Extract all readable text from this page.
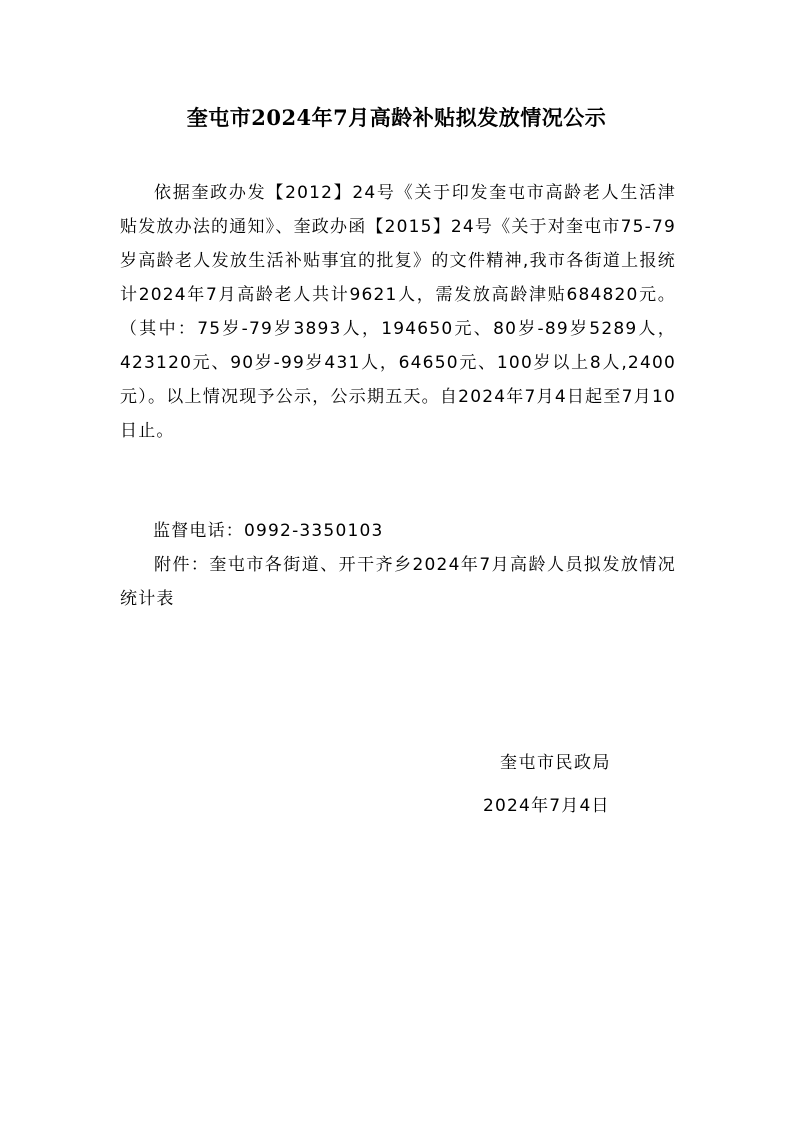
奎屯市2024年7月高龄补贴拟发放情况公示

依据奎政办发【2012】24号《关于印发奎屯市高龄老人生活津贴发放办法的通知》、奎政办函【2015】24号《关于对奎屯市75-79岁高龄老人发放生活补贴事宜的批复》的文件精神,我市各街道上报统计2024年7月高龄老人共计9621人，需发放高龄津贴684820元。（其中：75岁-79岁3893人，194650元、80岁-89岁5289人，423120元、90岁-99岁431人，64650元、100岁以上8人,2400元）。以上情况现予公示，公示期五天。自2024年7月4日起至7月10日止。

监督电话：0992-3350103
附件：奎屯市各街道、开干齐乡2024年7月高龄人员拟发放情况统计表
奎屯市民政局
2024年7月4日
